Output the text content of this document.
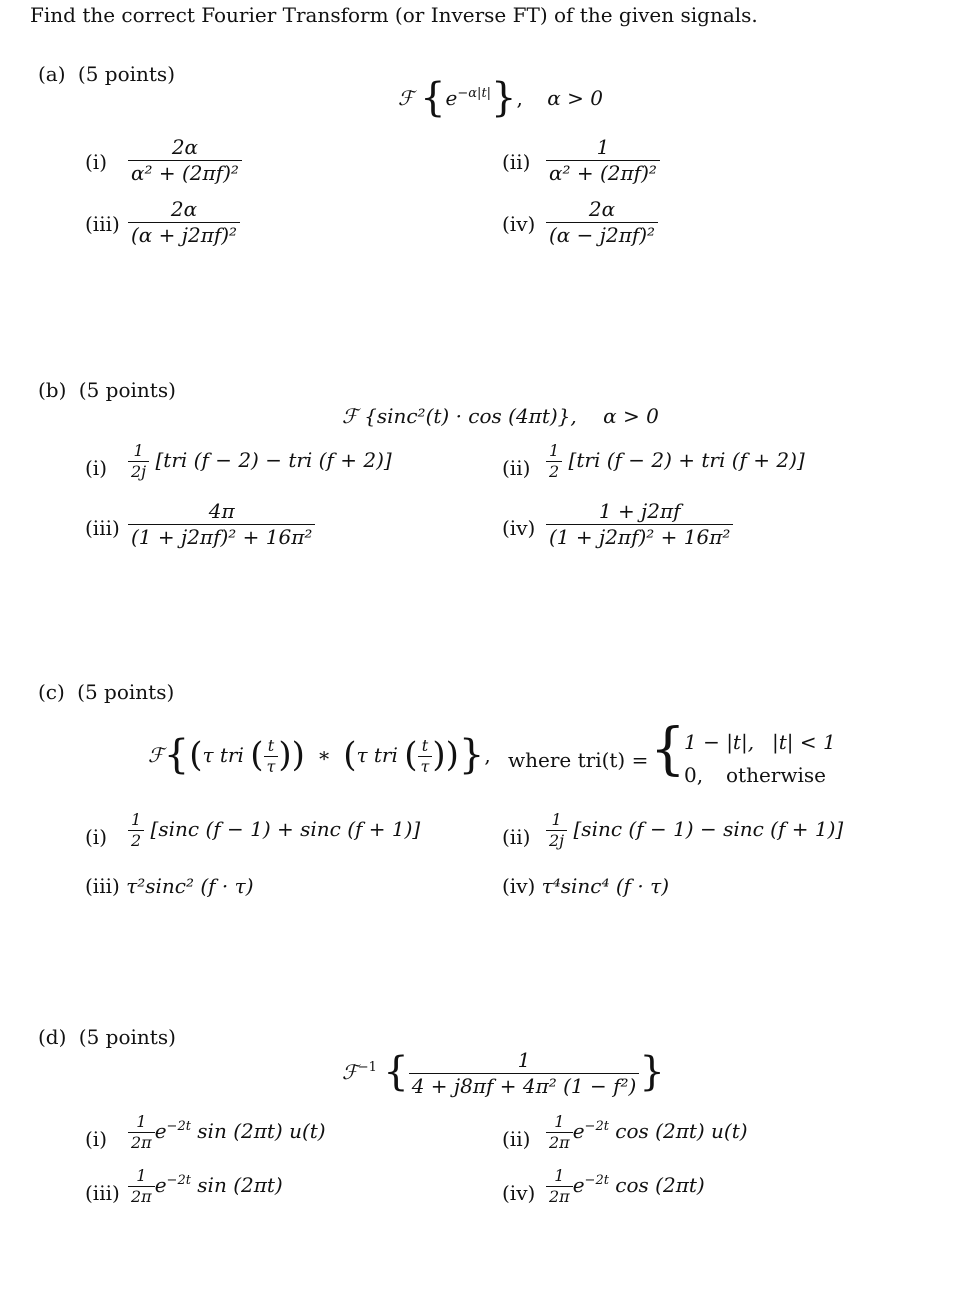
Find the correct Fourier Transform (or Inverse FT) of the given signals.
(a) (5 points)
ℱ $\{e^{-\alpha|t|}\}$, α > 0
$(i) \frac{2\alpha}{\text{α² + (2πf)²}}$	$(ii) \frac{1}{\text{α² + (2πf)²}}$
$(iii) \frac{2\alpha}{\text{(α + j2πf)²}}$	$(iv) \frac{2\alpha}{\text{(α − j2πf)²}}$
(b) (5 points)
ℱ {sinc²(t) · cos (4πt)}, α > 0
$(i) \frac{1}{2j} [tri$ (f − 2) − tri (f + 2)]	$(ii) \frac{1}{2} [tri$ (f − 2) + tri (f + 2)]
$(iii) \frac{4\pi}{\text{(1 + j2πf)² + 16π²}}$	$(iv) \frac{1 + j2\pi f}{\text{(1 + j2πf)² + 16π²}}$
(c) (5 points)
ℱ{(τ tri ( $\frac{t}{\tau}$ )) ∗ (τ tri ( $\frac{t}{\tau}$ ))}, where tri(t) = {
1 − |t|, |t| < 1
0, otherwise
$(i) \frac{1}{2} [\sin c$ (f − 1) + sinc (f + 1)]	$(ii) \frac{1}{2j} [\sin c$ (f − 1) − sinc (f + 1)]
(iii) τ²sinc² (f · τ)	(iv) τ⁴sinc⁴ (f · τ)
(d) (5 points)
ℱ$^{-1}$ { $\frac{1}{\text{4 + j8πf + 4π² (1 − f²)}}$ }
$(i) \frac{1}{2\pi} e^{-2t}$ sin (2πt) u(t)	$(ii) \frac{1}{2\pi} e^{-2t}$ cos (2πt) u(t)
$(iii) \frac{1}{2\pi} e^{-2t}$ sin (2πt)	$(iv) \frac{1}{2\pi} e^{-2t}$ cos (2πt)
